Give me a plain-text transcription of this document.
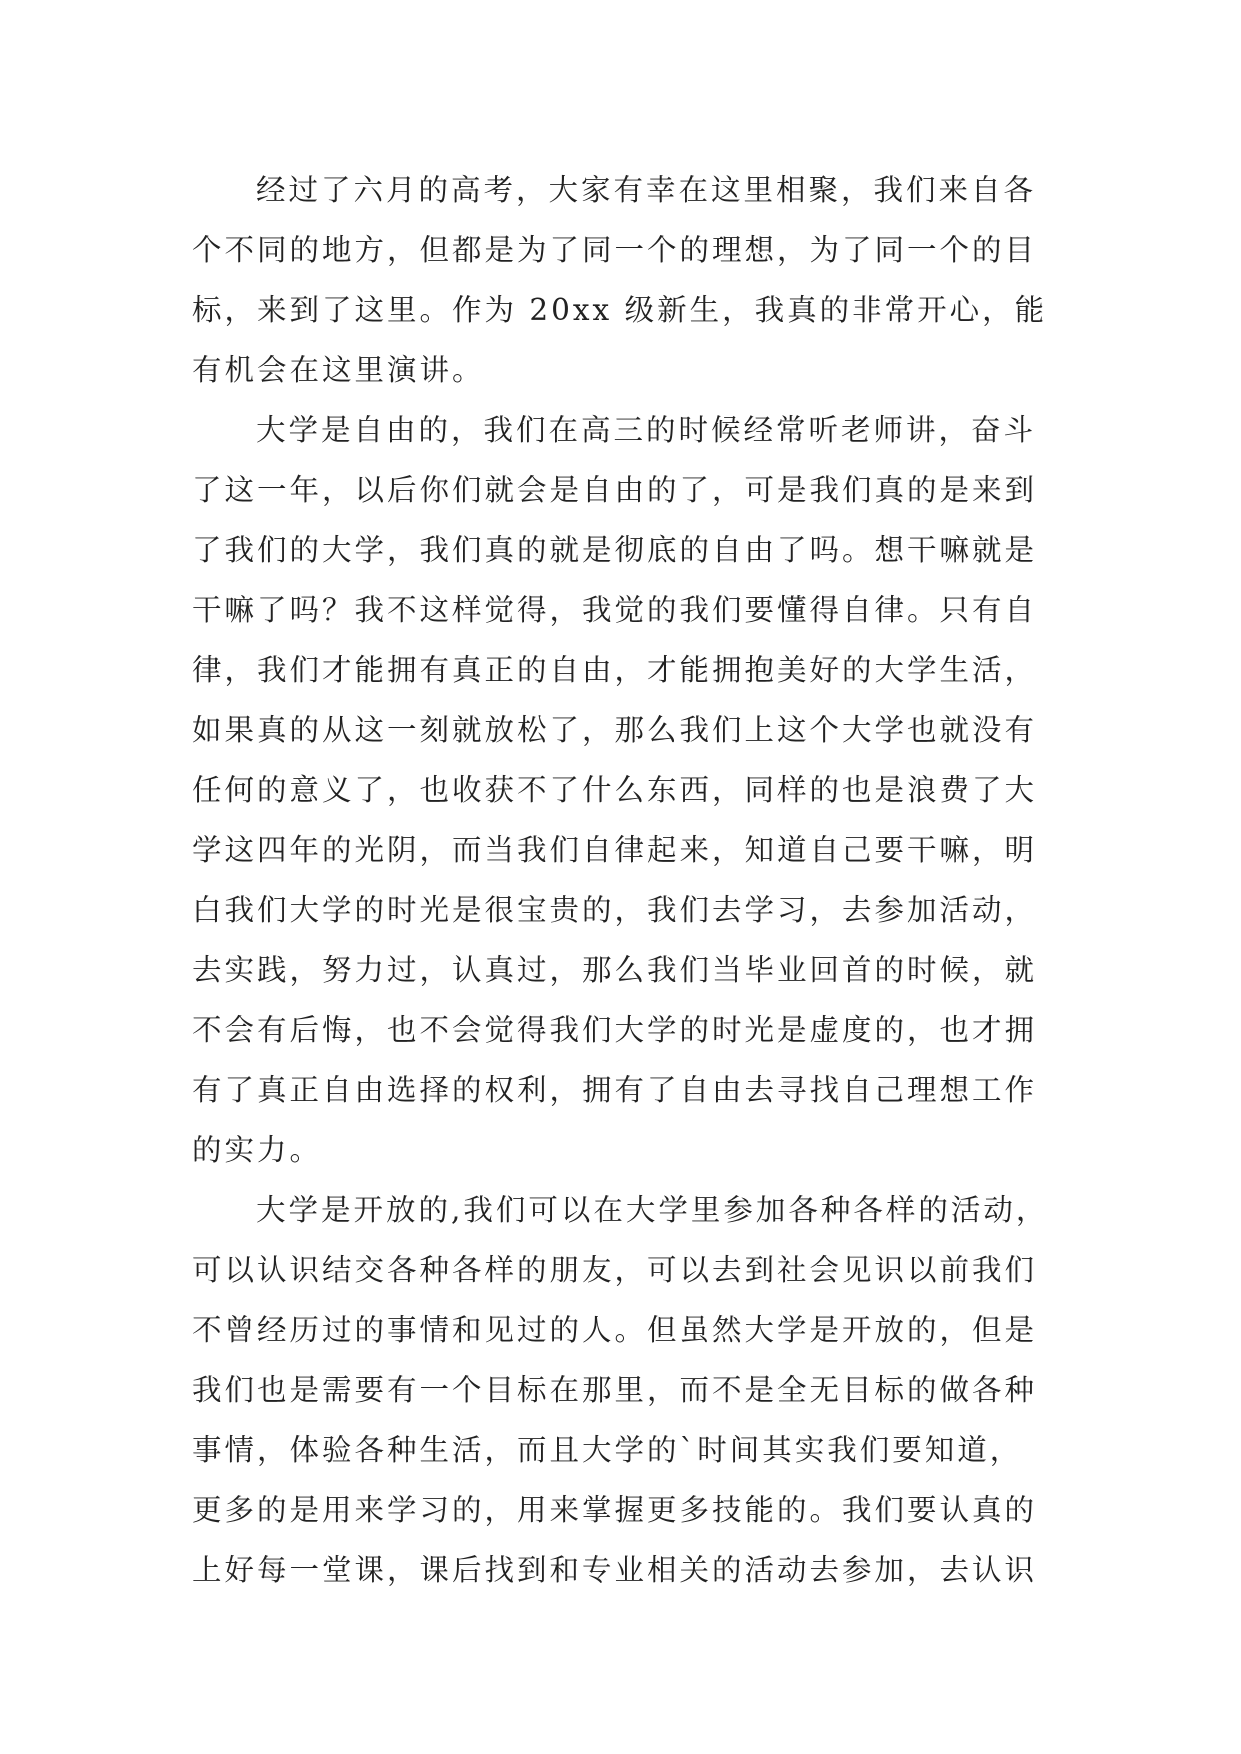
经过了六月的高考，大家有幸在这里相聚，我们来自各
个不同的地方，但都是为了同一个的理想，为了同一个的目
标，来到了这里。作为 20xx 级新生，我真的非常开心，能
有机会在这里演讲。
大学是自由的，我们在高三的时候经常听老师讲，奋斗
了这一年，以后你们就会是自由的了，可是我们真的是来到
了我们的大学，我们真的就是彻底的自由了吗。想干嘛就是
干嘛了吗？我不这样觉得，我觉的我们要懂得自律。只有自
律，我们才能拥有真正的自由，才能拥抱美好的大学生活，
如果真的从这一刻就放松了，那么我们上这个大学也就没有
任何的意义了，也收获不了什么东西，同样的也是浪费了大
学这四年的光阴，而当我们自律起来，知道自己要干嘛，明
白我们大学的时光是很宝贵的，我们去学习，去参加活动，
去实践，努力过，认真过，那么我们当毕业回首的时候，就
不会有后悔，也不会觉得我们大学的时光是虚度的，也才拥
有了真正自由选择的权利，拥有了自由去寻找自己理想工作
的实力。
大学是开放的,我们可以在大学里参加各种各样的活动，
可以认识结交各种各样的朋友，可以去到社会见识以前我们
不曾经历过的事情和见过的人。但虽然大学是开放的，但是
我们也是需要有一个目标在那里，而不是全无目标的做各种
事情，体验各种生活，而且大学的`时间其实我们要知道，
更多的是用来学习的，用来掌握更多技能的。我们要认真的
上好每一堂课，课后找到和专业相关的活动去参加，去认识
